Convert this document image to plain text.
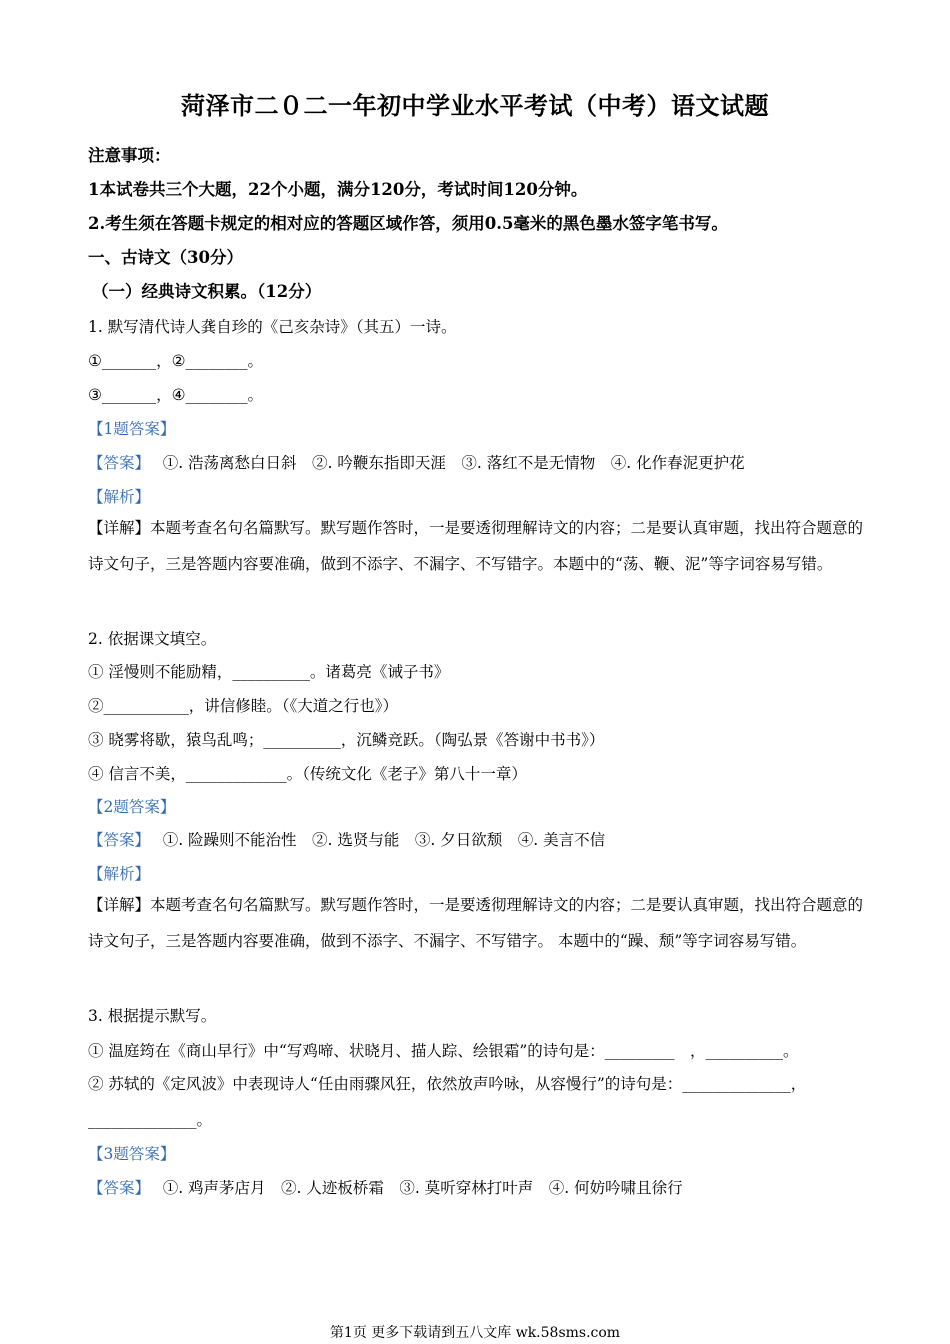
菏泽市二０二一年初中学业水平考试（中考）语文试题
注意事项：
1本试卷共三个大题，22个小题，满分120分，考试时间120分钟。
2.考生须在答题卡规定的相对应的答题区域作答，须用0.5毫米的黑色墨水签字笔书写。
一、古诗文（30分）
（一）经典诗文积累。（12分）
1. 默写清代诗人龚自珍的《己亥杂诗》（其五）一诗。
①_______，②________。
③_______，④________。
【1题答案】
【答案】　 ①. 浩荡离愁白日斜　②. 吟鞭东指即天涯　③. 落红不是无情物　④. 化作春泥更护花
【解析】
【详解】本题考查名句名篇默写。默写题作答时，一是要透彻理解诗文的内容；二是要认真审题，找出符合题意的诗文句子，三是答题内容要准确，做到不添字、不漏字、不写错字。本题中的“荡、鞭、泥”等字词容易写错。
2. 依据课文填空。
① 淫慢则不能励精，__________。诸葛亮《诫子书》
②___________，讲信修睦。（《大道之行也》）
③ 晓雾将歇，猿鸟乱鸣；__________，沉鳞竞跃。（陶弘景《答谢中书书》）
④ 信言不美，_____________。（传统文化《老子》第八十一章）
【2题答案】
【答案】　 ①. 险躁则不能治性　②. 选贤与能　③. 夕日欲颓　④. 美言不信
【解析】
【详解】本题考查名句名篇默写。默写题作答时，一是要透彻理解诗文的内容；二是要认真审题，找出符合题意的诗文句子，三是答题内容要准确，做到不添字、不漏字、不写错字。 本题中的“躁、颓”等字词容易写错。
3. 根据提示默写。
① 温庭筠在《商山早行》中“写鸡啼、状晓月、描人踪、绘银霜”的诗句是：_________　，__________。
② 苏轼的《定风波》中表现诗人“任由雨骤风狂，依然放声吟咏，从容慢行”的诗句是：______________，
______________。
【3题答案】
【答案】　 ①. 鸡声茅店月　②. 人迹板桥霜　③. 莫听穿林打叶声　④. 何妨吟啸且徐行
第1页 更多下载请到五八文库 wk.58sms.com
